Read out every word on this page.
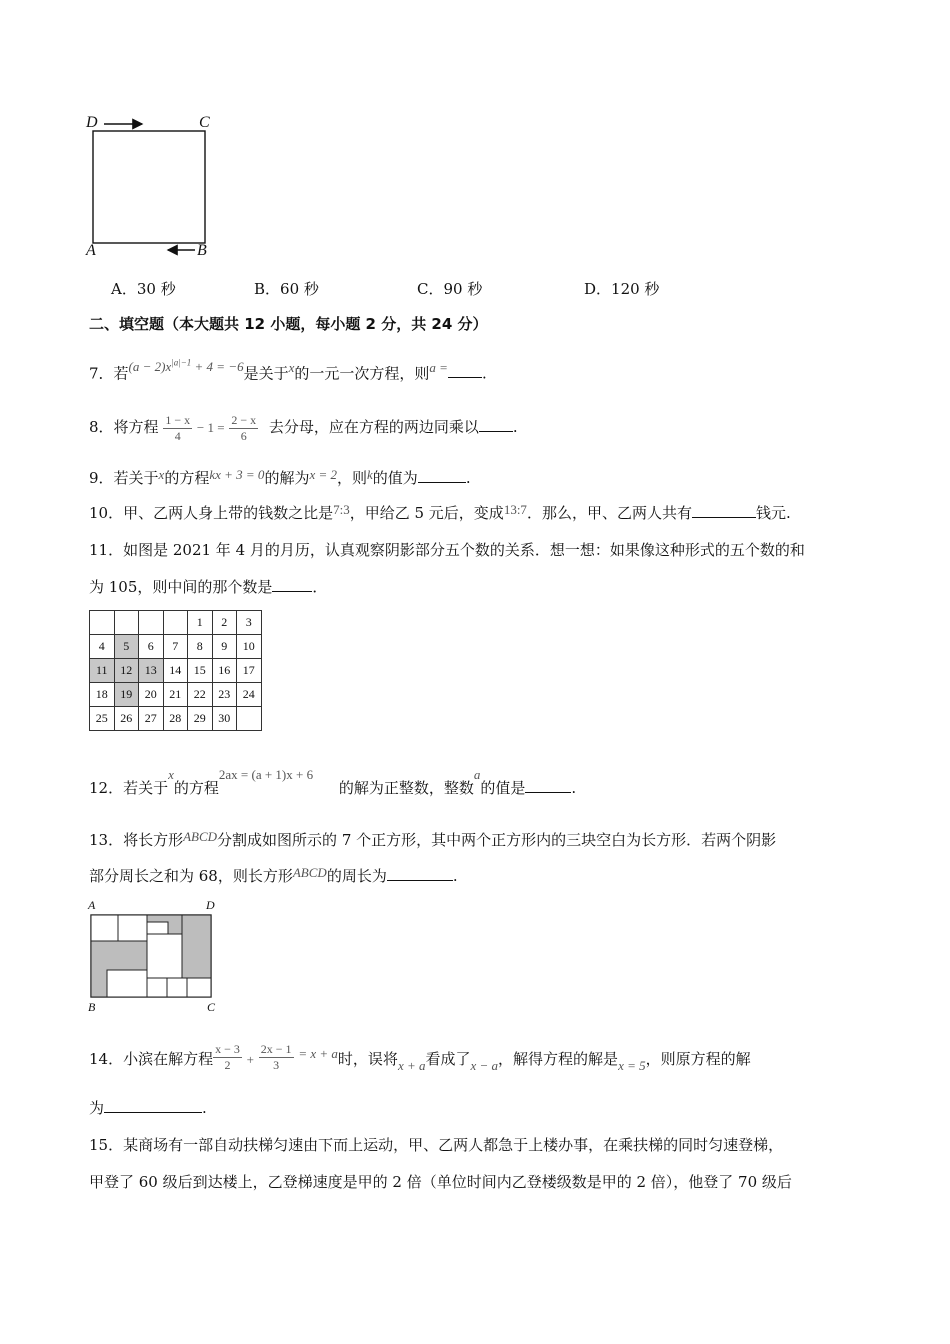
D	C
A	B
A．30 秒	B．60 秒	C．90 秒	D．120 秒
二、填空题（本大题共 12 小题，每小题 2 分，共 24 分）
7．若$(a - 2)x^{|a|-1} + 4 = -6$是关于x的一元一次方程，则a = .
8．将方程 $\frac{1 - x}{4} - 1 = \frac{2 - x}{6}$ 去分母，应在方程的两边同乘以 .
9．若关于x的方程kx + 3 = 0的解为x = 2，则k的值为	.
10．甲、乙两人身上带的钱数之比是7:3，甲给乙 5 元后，变成13:7．那么，甲、乙两人共有	钱元.
11．如图是 2021 年 4 月的月历，认真观察阴影部分五个数的关系．想一想：如果像这种形式的五个数的和
为 105，则中间的那个数是	．
				1	2	3
4	5	6	7	8	9	10
11	12	13	14	15	16	17
18	19	20	21	22	23	24
25	26	27	28	29	30	
12．若关于x的方程2ax = (a + 1)x + 6的解为正整数，整数a的值是	.
13．将长方形ABCD分割成如图所示的 7 个正方形，其中两个正方形内的三块空白为长方形．若两个阴影
部分周长之和为 68，则长方形ABCD的周长为	.
A	D
B	C
14．小滨在解方程 $\frac{x - 3}{2} + \frac{2x - 1}{3} = x + a$时，误将x + a看成了x − a，解得方程的解是x = 5，则原方程的解
为	.
15．某商场有一部自动扶梯匀速由下而上运动，甲、乙两人都急于上楼办事，在乘扶梯的同时匀速登梯，
甲登了 60 级后到达楼上，乙登梯速度是甲的 2 倍（单位时间内乙登楼级数是甲的 2 倍），他登了 70 级后
